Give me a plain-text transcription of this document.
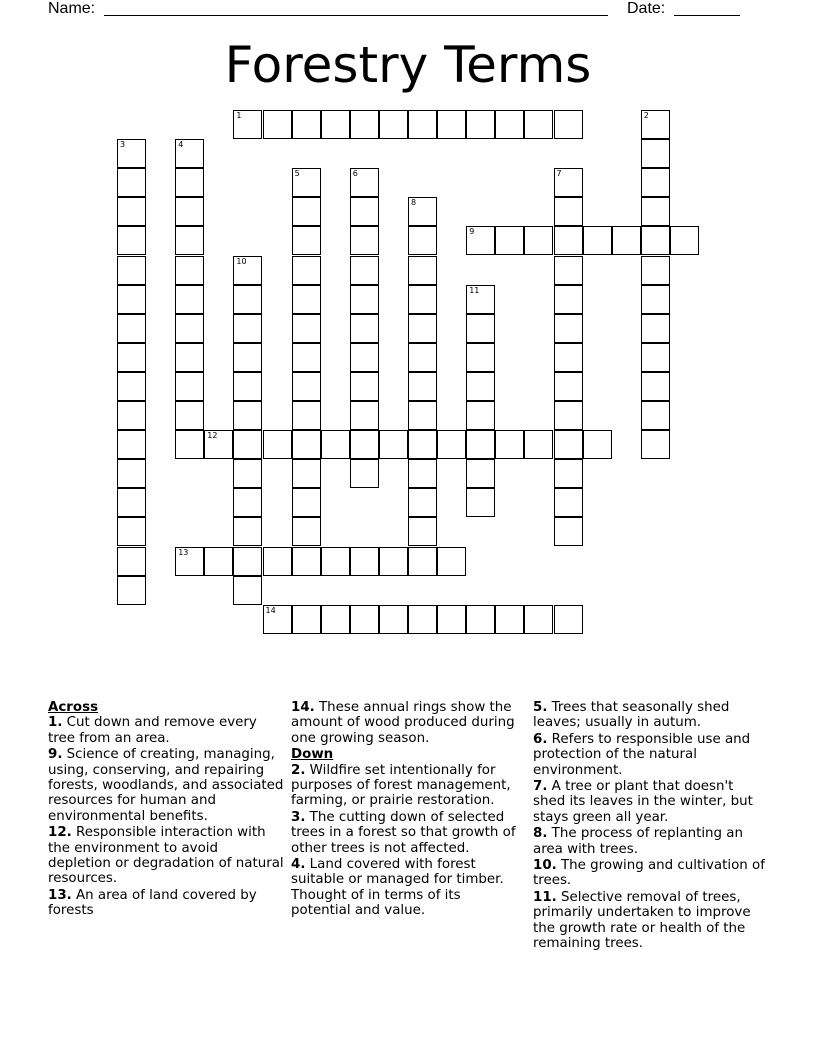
Name:	Date:
Forestry Terms
1
9
12
13
14
2
3	4
5	6	7
8
10
11
Across
1. Cut down and remove every tree from an area.
9. Science of creating, managing, using, conserving, and repairing forests, woodlands, and associated resources for human and environmental benefits.
12. Responsible interaction with the environment to avoid depletion or degradation of natural resources.
13. An area of land covered by forests
14. These annual rings show the amount of wood produced during one growing season.
Down
2. Wildfire set intentionally for purposes of forest management, farming, or prairie restoration.
3. The cutting down of selected trees in a forest so that growth of other trees is not affected.
4. Land covered with forest suitable or managed for timber. Thought of in terms of its potential and value.
5. Trees that seasonally shed leaves; usually in autum.
6. Refers to responsible use and protection of the natural environment.
7. A tree or plant that doesn't shed its leaves in the winter, but stays green all year.
8. The process of replanting an area with trees.
10. The growing and cultivation of trees.
11. Selective removal of trees, primarily undertaken to improve the growth rate or health of the remaining trees.
